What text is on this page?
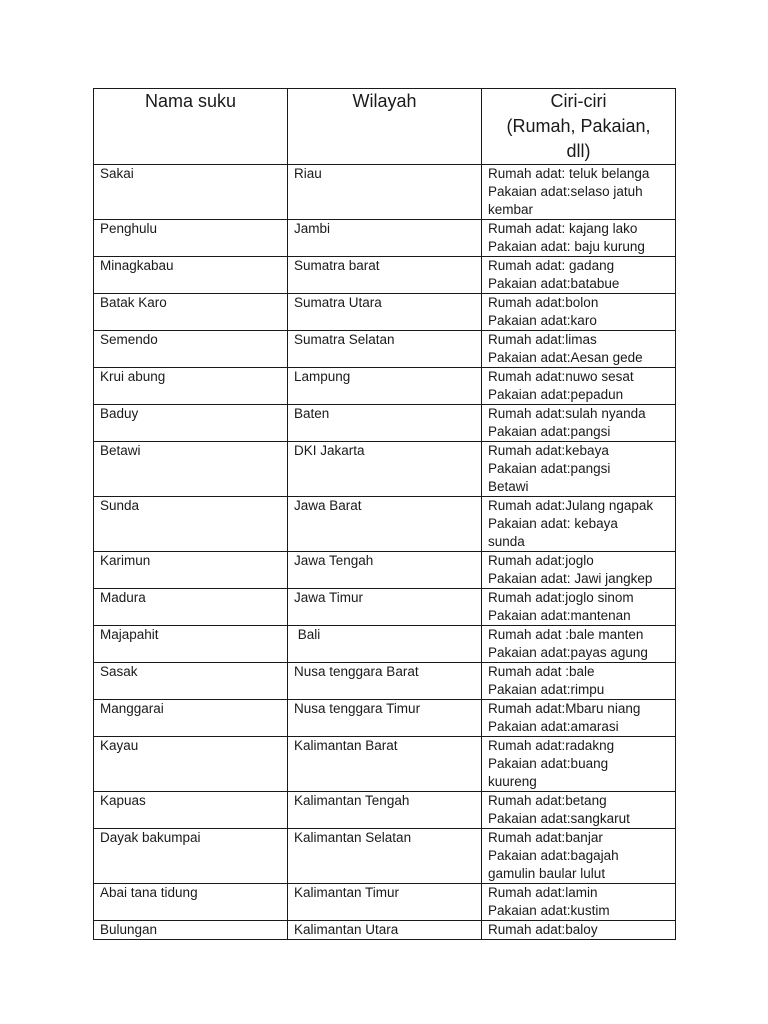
Nama suku	Wilayah	Ciri-ciri
(Rumah, Pakaian,
dll)

Sakai	Riau	Rumah adat: teluk belanga
Pakaian adat:selaso jatuh
kembar

Penghulu	Jambi	Rumah adat: kajang lako
Pakaian adat: baju kurung

Minagkabau	Sumatra barat	Rumah adat: gadang
Pakaian adat:batabue

Batak Karo	Sumatra Utara	Rumah adat:bolon
Pakaian adat:karo

Semendo	Sumatra Selatan	Rumah adat:limas
Pakaian adat:Aesan gede

Krui abung	Lampung	Rumah adat:nuwo sesat
Pakaian adat:pepadun

Baduy	Baten	Rumah adat:sulah nyanda
Pakaian adat:pangsi

Betawi	DKI Jakarta	Rumah adat:kebaya
Pakaian adat:pangsi
Betawi

Sunda	Jawa Barat	Rumah adat:Julang ngapak
Pakaian adat: kebaya
sunda

Karimun	Jawa Tengah	Rumah adat:joglo
Pakaian adat: Jawi jangkep

Madura	Jawa Timur	Rumah adat:joglo sinom
Pakaian adat:mantenan

Majapahit	Bali	Rumah adat :bale manten
Pakaian adat:payas agung

Sasak	Nusa tenggara Barat	Rumah adat :bale
Pakaian adat:rimpu

Manggarai	Nusa tenggara Timur	Rumah adat:Mbaru niang
Pakaian adat:amarasi

Kayau	Kalimantan Barat	Rumah adat:radakng
Pakaian adat:buang
kuureng

Kapuas	Kalimantan Tengah	Rumah adat:betang
Pakaian adat:sangkarut

Dayak bakumpai	Kalimantan Selatan	Rumah adat:banjar
Pakaian adat:bagajah
gamulin baular lulut

Abai tana tidung	Kalimantan Timur	Rumah adat:lamin
Pakaian adat:kustim

Bulungan	Kalimantan Utara	Rumah adat:baloy
